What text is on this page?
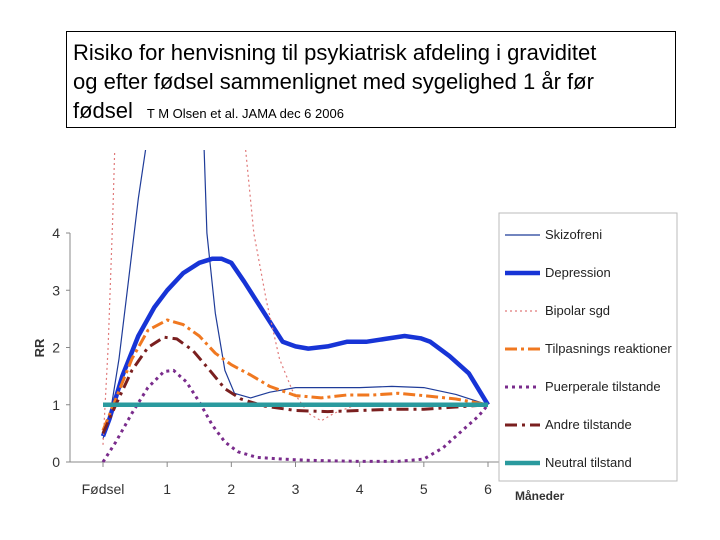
Risiko for henvisning til psykiatrisk afdeling i graviditet
og efter fødsel sammenlignet med sygelighed 1 år før
fødsel T M Olsen et al. JAMA dec 6 2006
0
1
2
3
4
Fødsel	1	2	3	4	5	6
RR
Måneder
Skizofreni
Depression
Bipolar sgd
Tilpasnings reaktioner
Puerperale tilstande
Andre tilstande
Neutral tilstand
